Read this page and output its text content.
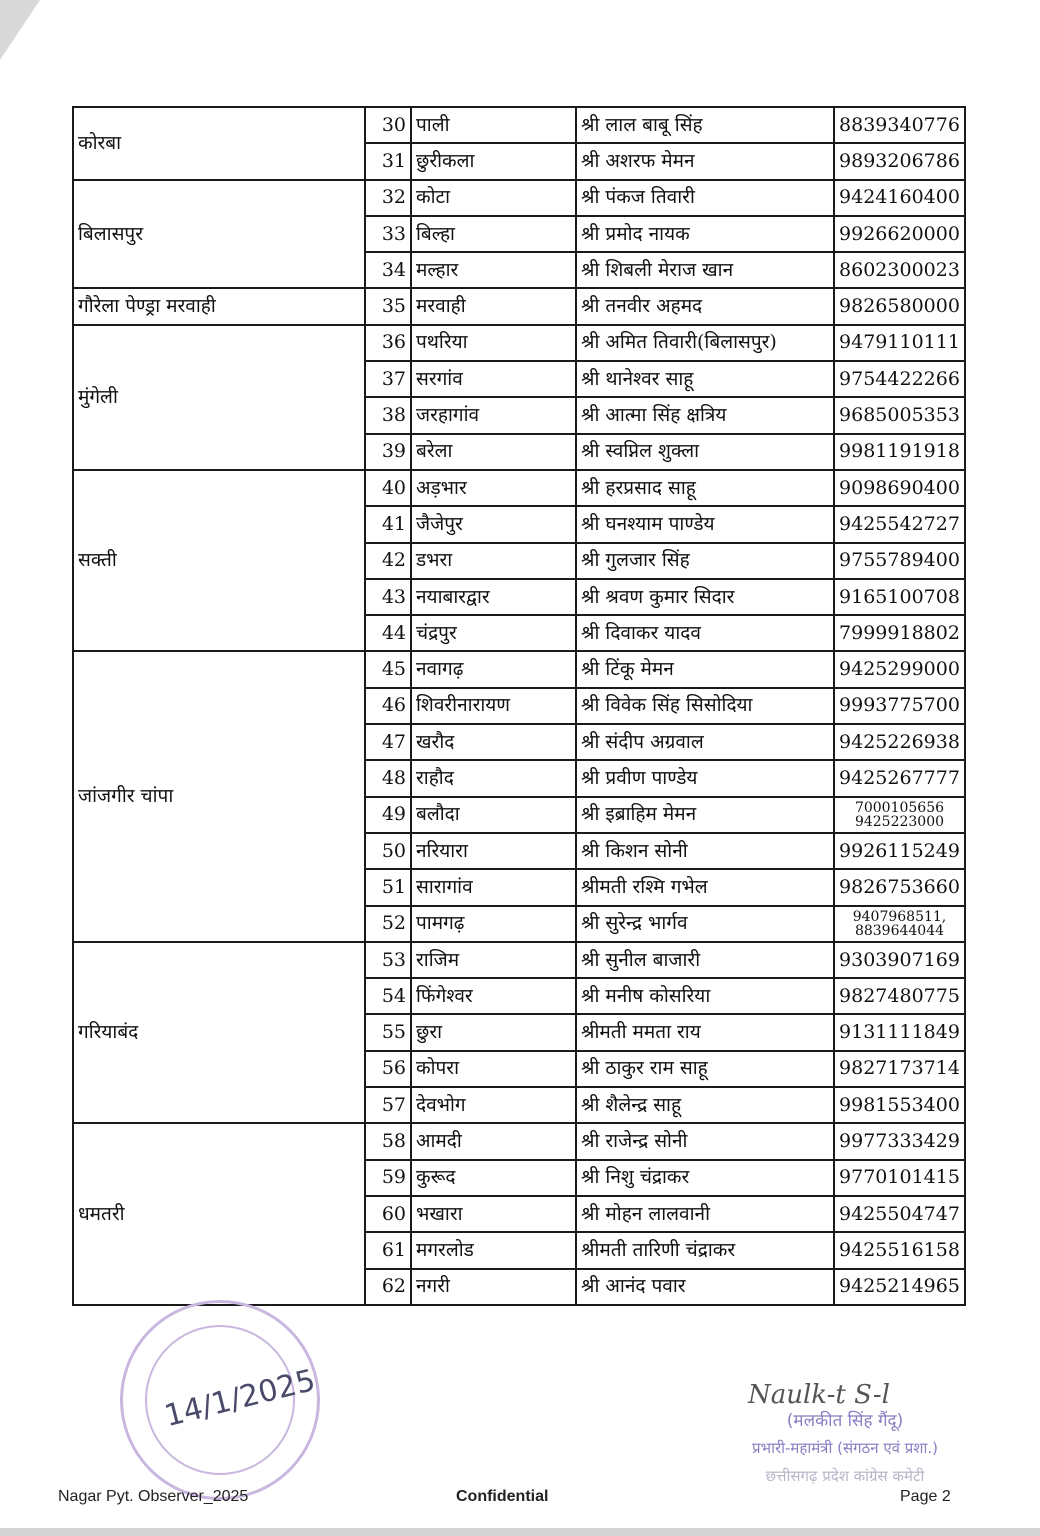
कोरबा	30	पाली	श्री लाल बाबू सिंह	8839340776

	31	छुरीकला	श्री अशरफ मेमन	9893206786

बिलासपुर	32	कोटा	श्री पंकज तिवारी	9424160400

	33	बिल्हा	श्री प्रमोद नायक	9926620000

	34	मल्हार	श्री शिबली मेराज खान	8602300023

गौरेला पेण्ड्रा मरवाही	35	मरवाही	श्री तनवीर अहमद	9826580000

मुंगेली	36	पथरिया	श्री अमित तिवारी(बिलासपुर)	9479110111

	37	सरगांव	श्री थानेश्वर साहू	9754422266

	38	जरहागांव	श्री आत्मा सिंह क्षत्रिय	9685005353

	39	बरेला	श्री स्वप्निल शुक्ला	9981191918

सक्ती	40	अड़भार	श्री हरप्रसाद साहू	9098690400

	41	जैजेपुर	श्री घनश्याम पाण्डेय	9425542727

	42	डभरा	श्री गुलजार सिंह	9755789400

	43	नयाबारद्वार	श्री श्रवण कुमार सिदार	9165100708

	44	चंद्रपुर	श्री दिवाकर यादव	7999918802

जांजगीर चांपा	45	नवागढ़	श्री टिंकू मेमन	9425299000

	46	शिवरीनारायण	श्री विवेक सिंह सिसोदिया	9993775700

	47	खरौद	श्री संदीप अग्रवाल	9425226938

	48	राहौद	श्री प्रवीण पाण्डेय	9425267777

	49	बलौदा	श्री इब्राहिम मेमन	7000105656
9425223000

	50	नरियारा	श्री किशन सोनी	9926115249

	51	सारागांव	श्रीमती रश्मि गभेल	9826753660

	52	पामगढ़	श्री सुरेन्द्र भार्गव	9407968511,
8839644044

गरियाबंद	53	राजिम	श्री सुनील बाजारी	9303907169

	54	फिंगेश्वर	श्री मनीष कोसरिया	9827480775

	55	छुरा	श्रीमती ममता राय	9131111849

	56	कोपरा	श्री ठाकुर राम साहू	9827173714

	57	देवभोग	श्री शैलेन्द्र साहू	9981553400

धमतरी	58	आमदी	श्री राजेन्द्र सोनी	9977333429

	59	कुरूद	श्री निशु चंद्राकर	9770101415

	60	भखारा	श्री मोहन लालवानी	9425504747

	61	मगरलोड	श्रीमती तारिणी चंद्राकर	9425516158

	62	नगरी	श्री आनंद पवार	9425214965
14/1/2025	Naulk-t S-l
(मलकीत सिंह गैंदू)
प्रभारी-महामंत्री (संगठन एवं प्रशा.)
छत्तीसगढ़ प्रदेश कांग्रेस कमेटी
Nagar Pyt. Observer_2025	Confidential	Page 2
